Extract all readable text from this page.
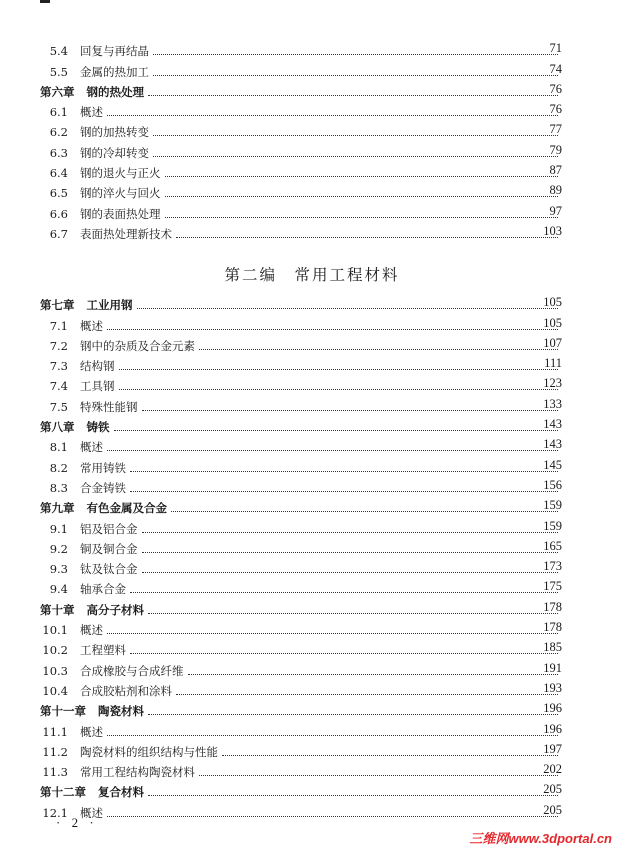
5.4 回复与再结晶	71
5.5 金属的热加工	74
第六章 钢的热处理	76
6.1 概述	76
6.2 钢的加热转变	77
6.3 钢的冷却转变	79
6.4 钢的退火与正火	87
6.5 钢的淬火与回火	89
6.6 钢的表面热处理	97
6.7 表面热处理新技术	103
第二编　常用工程材料
第七章 工业用钢	105
7.1 概述	105
7.2 钢中的杂质及合金元素	107
7.3 结构钢	111
7.4 工具钢	123
7.5 特殊性能钢	133
第八章 铸铁	143
8.1 概述	143
8.2 常用铸铁	145
8.3 合金铸铁	156
第九章 有色金属及合金	159
9.1 铝及铝合金	159
9.2 铜及铜合金	165
9.3 钛及钛合金	173
9.4 轴承合金	175
第十章 高分子材料	178
10.1 概述	178
10.2 工程塑料	185
10.3 合成橡胶与合成纤维	191
10.4 合成胶粘剂和涂料	193
第十一章 陶瓷材料	196
11.1 概述	196
11.2 陶瓷材料的组织结构与性能	197
11.3 常用工程结构陶瓷材料	202
第十二章 复合材料	205
12.1 概述	205
· 2 ·
三维网www.3dportal.cn
